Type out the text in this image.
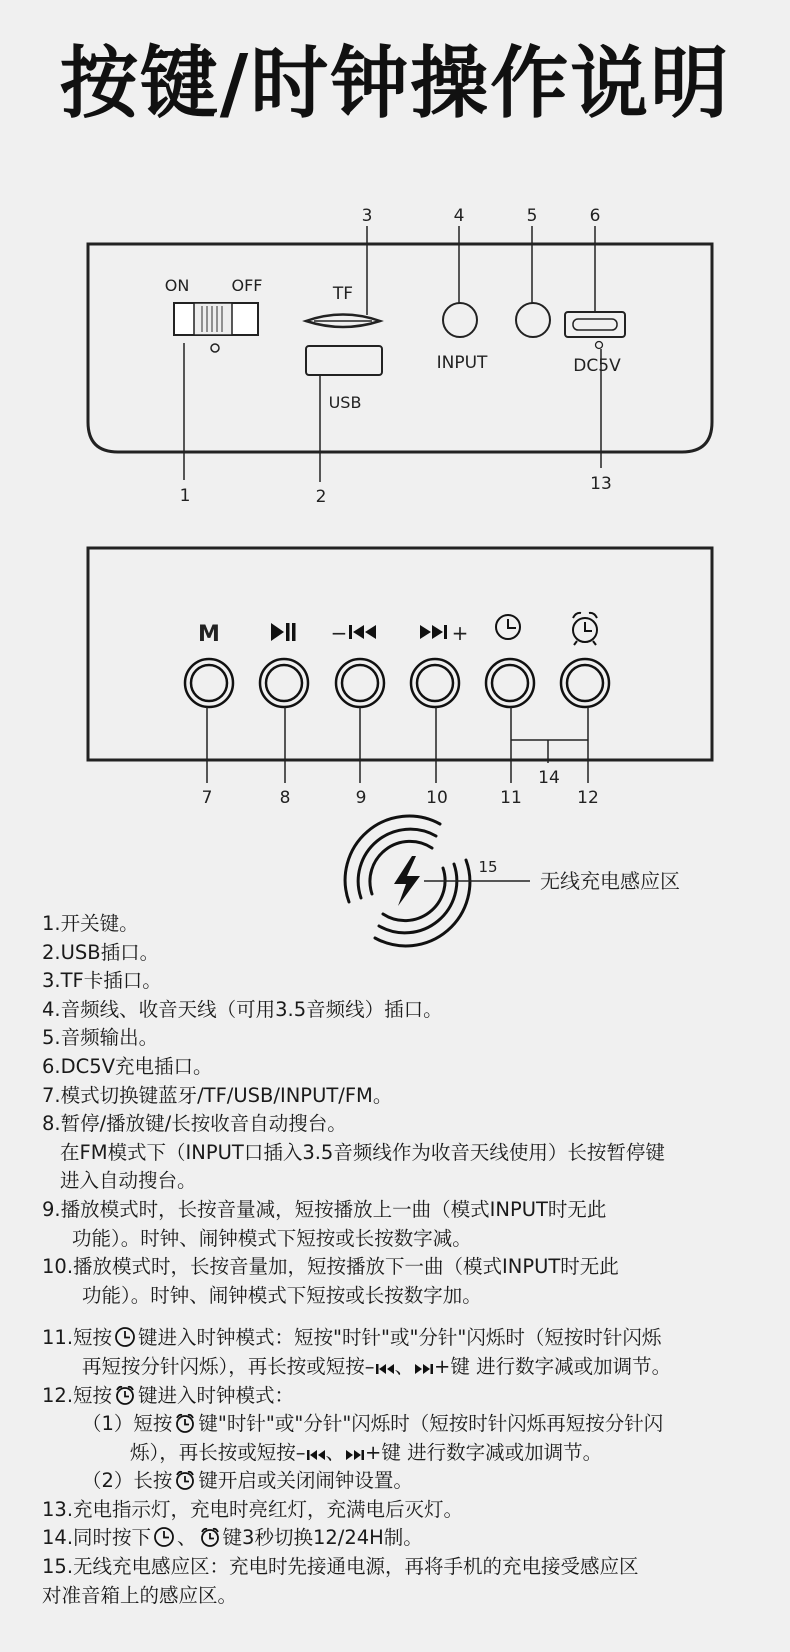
按键/时钟操作说明
ON	OFF	TF
USB
INPUT	DC5V
1	2
3	4	5	6
13
M	−	+
7	8	9	10	11	12
14
15
无线充电感应区
1.开关键。
2.USB插口。
3.TF卡插口。
4.音频线、收音天线（可用3.5音频线）插口。
5.音频输出。
6.DC5V充电插口。
7.模式切换键蓝牙/TF/USB/INPUT/FM。
8.暂停/播放键/长按收音自动搜台。
在FM模式下（INPUT口插入3.5音频线作为收音天线使用）长按暂停键
进入自动搜台。
9.播放模式时，长按音量减，短按播放上一曲（模式INPUT时无此
功能）。时钟、闹钟模式下短按或长按数字减。
10.播放模式时，长按音量加，短按播放下一曲（模式INPUT时无此
功能）。时钟、闹钟模式下短按或长按数字加。
11.短按 键进入时钟模式：短按"时针"或"分针"闪烁时（短按时针闪烁
再短按分针闪烁），再长按或短按– 、 +键 进行数字减或加调节。
12.短按 键进入时钟模式：
（1）短按 键"时针"或"分针"闪烁时（短按时针闪烁再短按分针闪
烁），再长按或短按– 、 +键 进行数字减或加调节。
（2）长按 键开启或关闭闹钟设置。
13.充电指示灯，充电时亮红灯，充满电后灭灯。
14.同时按下 、 键3秒切换12/24H制。
15.无线充电感应区：充电时先接通电源，再将手机的充电接受感应区
对准音箱上的感应区。
